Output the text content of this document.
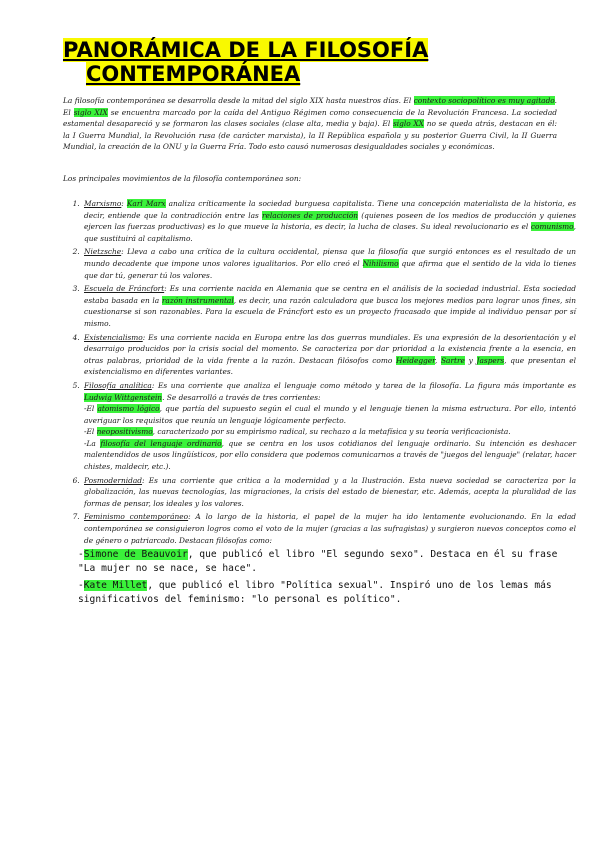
PANORÁMICA DE LA FILOSOFÍA
CONTEMPORÁNEA
La filosofía contemporánea se desarrolla desde la mitad del siglo XIX hasta nuestros días. El contexto sociopolítico es muy agitado. El siglo XIX se encuentra marcado por la caída del Antiguo Régimen como consecuencia de la Revolución Francesa. La sociedad estamental desapareció y se formaron las clases sociales (clase alta, media y baja). El siglo XX no se queda atrás, destacan en él: la I Guerra Mundial, la Revolución rusa (de carácter marxista), la II República española y su posterior Guerra Civil, la II Guerra Mundial, la creación de la ONU y la Guerra Fría. Todo esto causó numerosas desigualdades sociales y económicas.
Los principales movimientos de la filosofía contemporánea son:
1. Marxismo: Karl Marx analiza críticamente la sociedad burguesa capitalista. Tiene una concepción materialista de la historia, es decir, entiende que la contradicción entre las relaciones de producción (quienes poseen de los medios de producción y quienes ejercen las fuerzas productivas) es lo que mueve la historia, es decir, la lucha de clases. Su ideal revolucionario es el comunismo, que sustituirá al capitalismo.
2. Nietzsche: Lleva a cabo una crítica de la cultura occidental, piensa que la filosofía que surgió entonces es el resultado de un mundo decadente que impone unos valores igualitarios. Por ello creó el Nihilismo que afirma que el sentido de la vida lo tienes que dar tú, generar tú los valores.
3. Escuela de Fráncfort: Es una corriente nacida en Alemania que se centra en el análisis de la sociedad industrial. Esta sociedad estaba basada en la razón instrumental, es decir, una razón calculadora que busca los mejores medios para lograr unos fines, sin cuestionarse si son razonables. Para la escuela de Fráncfort esto es un proyecto fracasado que impide al individuo pensar por sí mismo.
4. Existencialismo: Es una corriente nacida en Europa entre las dos guerras mundiales. Es una expresión de la desorientación y el desarraigo producidos por la crisis social del momento. Se caracteriza por dar prioridad a la existencia frente a la esencia, en otras palabras, prioridad de la vida frente a la razón. Destacan filósofos como Heidegger, Sartre y Jaspers, que presentan el existencialismo en diferentes variantes.
5. Filosofía analítica: Es una corriente que analiza el lenguaje como método y tarea de la filosofía. La figura más importante es Ludwig Wittgenstein. Se desarrolló a través de tres corrientes:
-El atomismo lógico, que partía del supuesto según el cual el mundo y el lenguaje tienen la misma estructura. Por ello, intentó averiguar los requisitos que reunía un lenguaje lógicamente perfecto.
-El neopositivismo, caracterizado por su empirismo radical, su rechazo a la metafísica y su teoría verificacionista.
-La filosofía del lenguaje ordinario, que se centra en los usos cotidianos del lenguaje ordinario. Su intención es deshacer malentendidos de usos lingüísticos, por ello considera que podemos comunicarnos a través de "juegos del lenguaje" (relatar, hacer chistes, maldecir, etc.).
6. Posmodernidad: Es una corriente que critica a la modernidad y a la Ilustración. Esta nueva sociedad se caracteriza por la globalización, las nuevas tecnologías, las migraciones, la crisis del estado de bienestar, etc. Además, acepta la pluralidad de las formas de pensar, los ideales y los valores.
7. Feminismo contemporáneo: A lo largo de la historia, el papel de la mujer ha ido lentamente evolucionando. En la edad contemporánea se consiguieron logros como el voto de la mujer (gracias a las sufragistas) y surgieron nuevos conceptos como el de género o patriarcado. Destacan filósofas como:
-Simone de Beauvoir, que publicó el libro "El segundo sexo". Destaca en él su frase "La mujer no se nace, se hace".
-Kate Millet, que publicó el libro "Política sexual". Inspiró uno de los lemas más significativos del feminismo: "lo personal es político".
